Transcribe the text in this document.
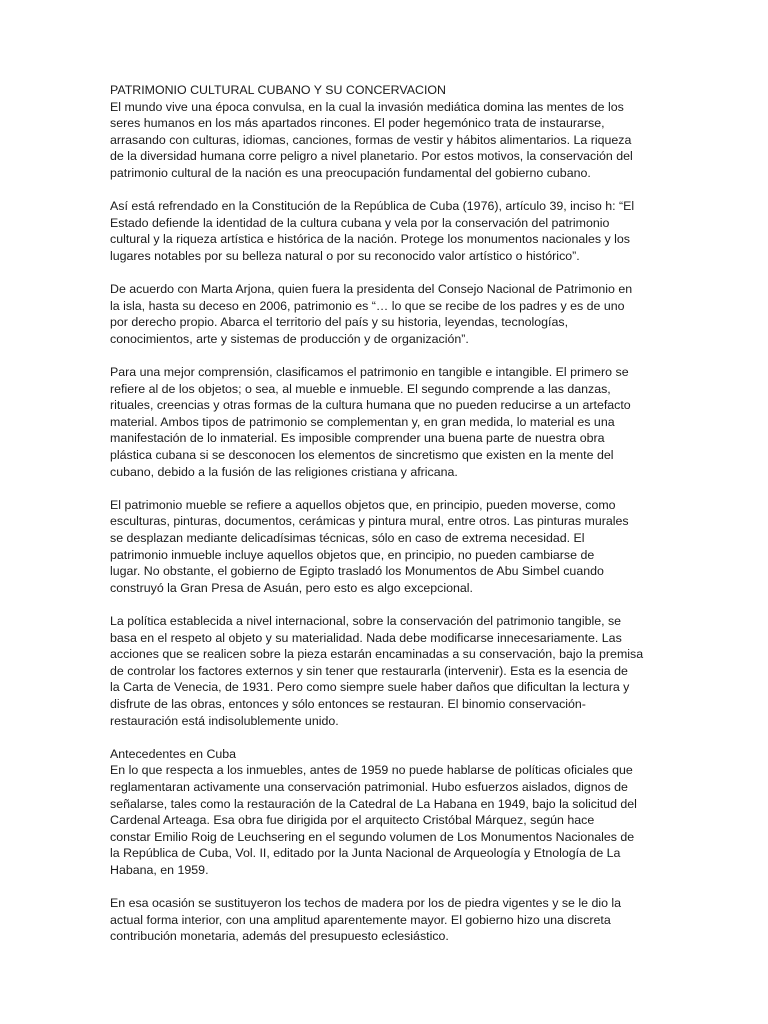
PATRIMONIO CULTURAL CUBANO Y SU CONCERVACION
El mundo vive una época convulsa, en la cual la invasión mediática domina las mentes de los
seres humanos en los más apartados rincones. El poder hegemónico trata de instaurarse,
arrasando con culturas, idiomas, canciones, formas de vestir y hábitos alimentarios. La riqueza
de la diversidad humana corre peligro a nivel planetario. Por estos motivos, la conservación del
patrimonio cultural de la nación es una preocupación fundamental del gobierno cubano.
Así está refrendado en la Constitución de la República de Cuba (1976), artículo 39, inciso h: “El
Estado defiende la identidad de la cultura cubana y vela por la conservación del patrimonio
cultural y la riqueza artística e histórica de la nación. Protege los monumentos nacionales y los
lugares notables por su belleza natural o por su reconocido valor artístico o histórico”.
De acuerdo con Marta Arjona, quien fuera la presidenta del Consejo Nacional de Patrimonio en
la isla, hasta su deceso en 2006, patrimonio es “… lo que se recibe de los padres y es de uno
por derecho propio. Abarca el territorio del país y su historia, leyendas, tecnologías,
conocimientos, arte y sistemas de producción y de organización”.
Para una mejor comprensión, clasificamos el patrimonio en tangible e intangible. El primero se
refiere al de los objetos; o sea, al mueble e inmueble. El segundo comprende a las danzas,
rituales, creencias y otras formas de la cultura humana que no pueden reducirse a un artefacto
material. Ambos tipos de patrimonio se complementan y, en gran medida, lo material es una
manifestación de lo inmaterial. Es imposible comprender una buena parte de nuestra obra
plástica cubana si se desconocen los elementos de sincretismo que existen en la mente del
cubano, debido a la fusión de las religiones cristiana y africana.
El patrimonio mueble se refiere a aquellos objetos que, en principio, pueden moverse, como
esculturas, pinturas, documentos, cerámicas y pintura mural, entre otros. Las pinturas murales
se desplazan mediante delicadísimas técnicas, sólo en caso de extrema necesidad. El
patrimonio inmueble incluye aquellos objetos que, en principio, no pueden cambiarse de
lugar. No obstante, el gobierno de Egipto trasladó los Monumentos de Abu Simbel cuando
construyó la Gran Presa de Asuán, pero esto es algo excepcional.
La política establecida a nivel internacional, sobre la conservación del patrimonio tangible, se
basa en el respeto al objeto y su materialidad. Nada debe modificarse innecesariamente. Las
acciones que se realicen sobre la pieza estarán encaminadas a su conservación, bajo la premisa
de controlar los factores externos y sin tener que restaurarla (intervenir). Esta es la esencia de
la Carta de Venecia, de 1931. Pero como siempre suele haber daños que dificultan la lectura y
disfrute de las obras, entonces y sólo entonces se restauran. El binomio conservación-
restauración está indisolublemente unido.
Antecedentes en Cuba
En lo que respecta a los inmuebles, antes de 1959 no puede hablarse de políticas oficiales que
reglamentaran activamente una conservación patrimonial. Hubo esfuerzos aislados, dignos de
señalarse, tales como la restauración de la Catedral de La Habana en 1949, bajo la solicitud del
Cardenal Arteaga. Esa obra fue dirigida por el arquitecto Cristóbal Márquez, según hace
constar Emilio Roig de Leuchsering en el segundo volumen de Los Monumentos Nacionales de
la República de Cuba, Vol. II, editado por la Junta Nacional de Arqueología y Etnología de La
Habana, en 1959.
En esa ocasión se sustituyeron los techos de madera por los de piedra vigentes y se le dio la
actual forma interior, con una amplitud aparentemente mayor. El gobierno hizo una discreta
contribución monetaria, además del presupuesto eclesiástico.
